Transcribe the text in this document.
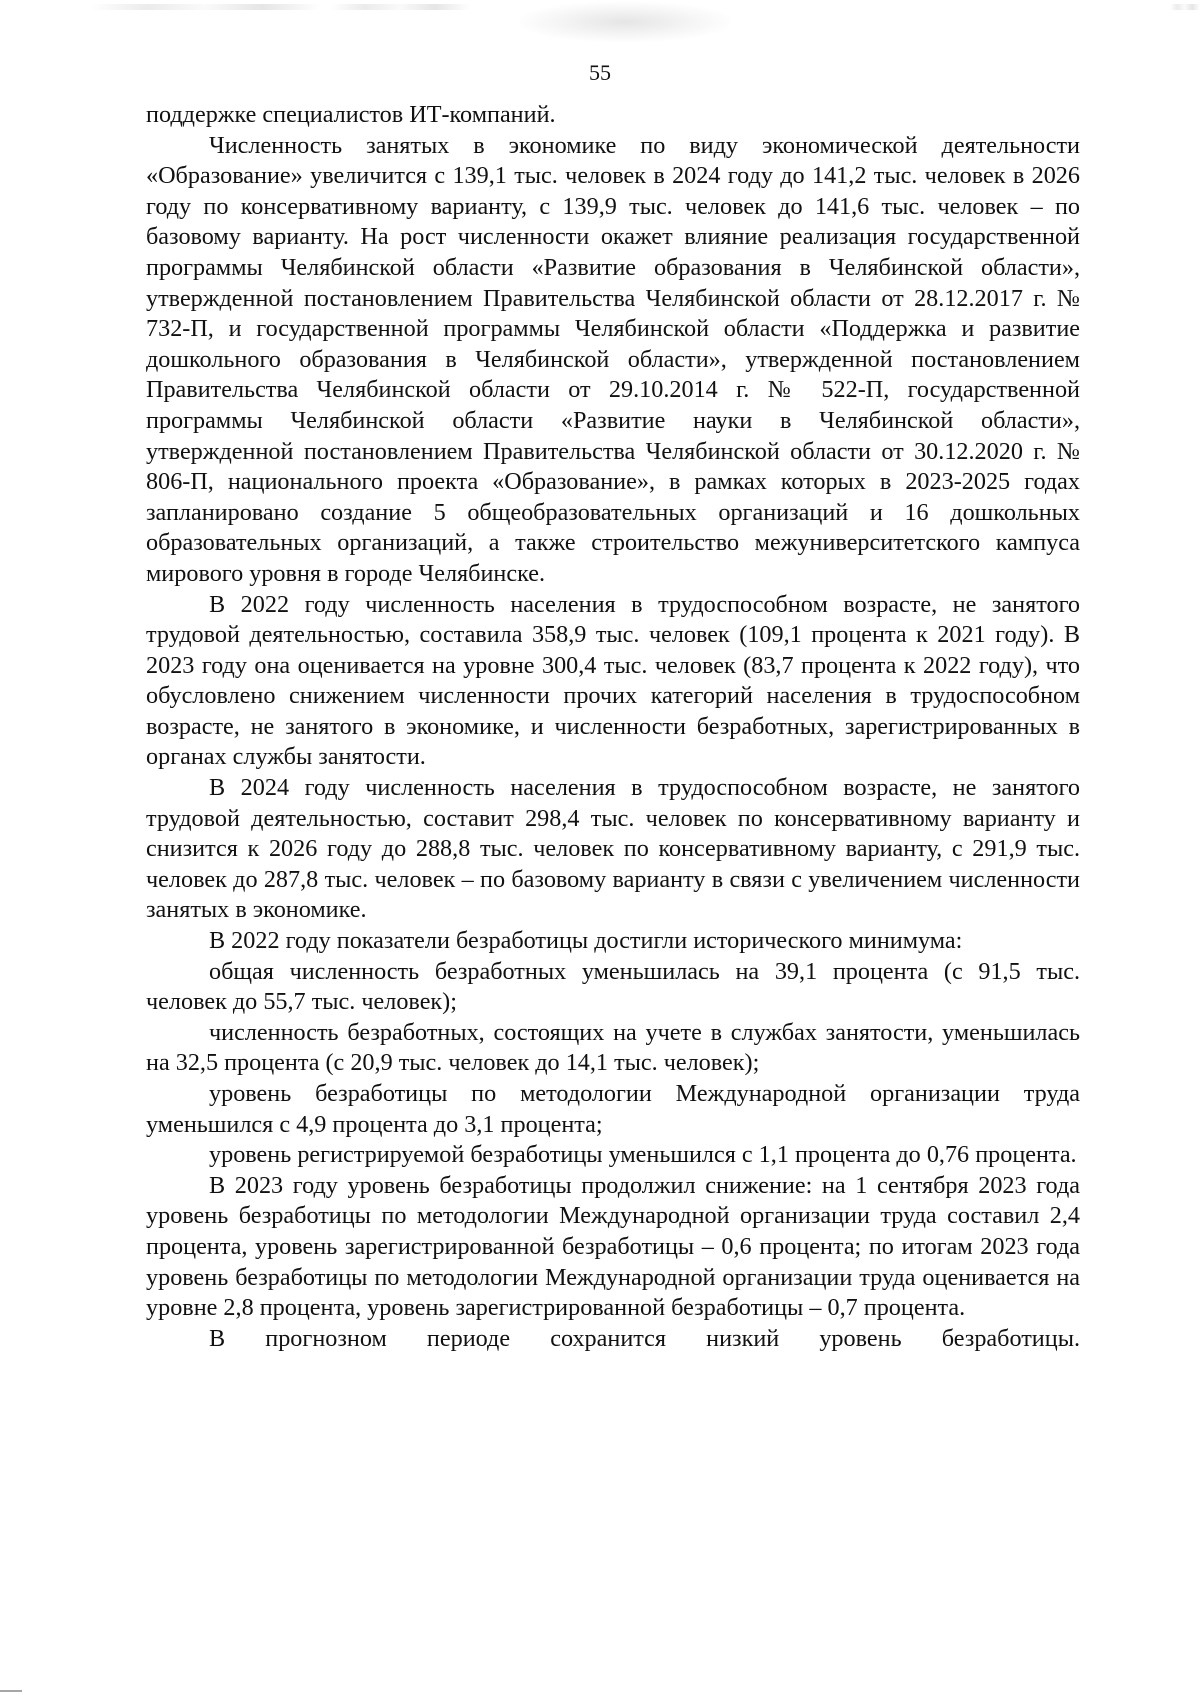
55

поддержке специалистов ИТ-компаний.

Численность занятых в экономике по виду экономической деятельности «Образование» увеличится с 139,1 тыс. человек в 2024 году до 141,2 тыс. человек в 2026 году по консервативному варианту, с 139,9 тыс. человек до 141,6 тыс. человек – по базовому варианту. На рост численности окажет влияние реализация государственной программы Челябинской области «Развитие образования в Челябинской области», утвержденной постановлением Правительства Челябинской области от 28.12.2017 г. № 732-П, и государственной программы Челябинской области «Поддержка и развитие дошкольного образования в Челябинской области», утвержденной постановлением Правительства Челябинской области от 29.10.2014 г. № 522-П, государственной программы Челябинской области «Развитие науки в Челябинской области», утвержденной постановлением Правительства Челябинской области от 30.12.2020 г. № 806-П, национального проекта «Образование», в рамках которых в 2023-2025 годах запланировано создание 5 общеобразовательных организаций и 16 дошкольных образовательных организаций, а также строительство межуниверситетского кампуса мирового уровня в городе Челябинске.

В 2022 году численность населения в трудоспособном возрасте, не занятого трудовой деятельностью, составила 358,9 тыс. человек (109,1 процента к 2021 году). В 2023 году она оценивается на уровне 300,4 тыс. человек (83,7 процента к 2022 году), что обусловлено снижением численности прочих категорий населения в трудоспособном возрасте, не занятого в экономике, и численности безработных, зарегистрированных в органах службы занятости.

В 2024 году численность населения в трудоспособном возрасте, не занятого трудовой деятельностью, составит 298,4 тыс. человек по консервативному варианту и снизится к 2026 году до 288,8 тыс. человек по консервативному варианту, с 291,9 тыс. человек до 287,8 тыс. человек – по базовому варианту в связи с увеличением численности занятых в экономике.

В 2022 году показатели безработицы достигли исторического минимума:

общая численность безработных уменьшилась на 39,1 процента (с 91,5 тыс. человек до 55,7 тыс. человек);

численность безработных, состоящих на учете в службах занятости, уменьшилась на 32,5 процента (с 20,9 тыс. человек до 14,1 тыс. человек);

уровень безработицы по методологии Международной организации труда уменьшился с 4,9 процента до 3,1 процента;

уровень регистрируемой безработицы уменьшился с 1,1 процента до 0,76 процента.

В 2023 году уровень безработицы продолжил снижение: на 1 сентября 2023 года уровень безработицы по методологии Международной организации труда составил 2,4 процента, уровень зарегистрированной безработицы – 0,6 процента; по итогам 2023 года уровень безработицы по методологии Международной организации труда оценивается на уровне 2,8 процента, уровень зарегистрированной безработицы – 0,7 процента.

В прогнозном периоде сохранится низкий уровень безработицы.
